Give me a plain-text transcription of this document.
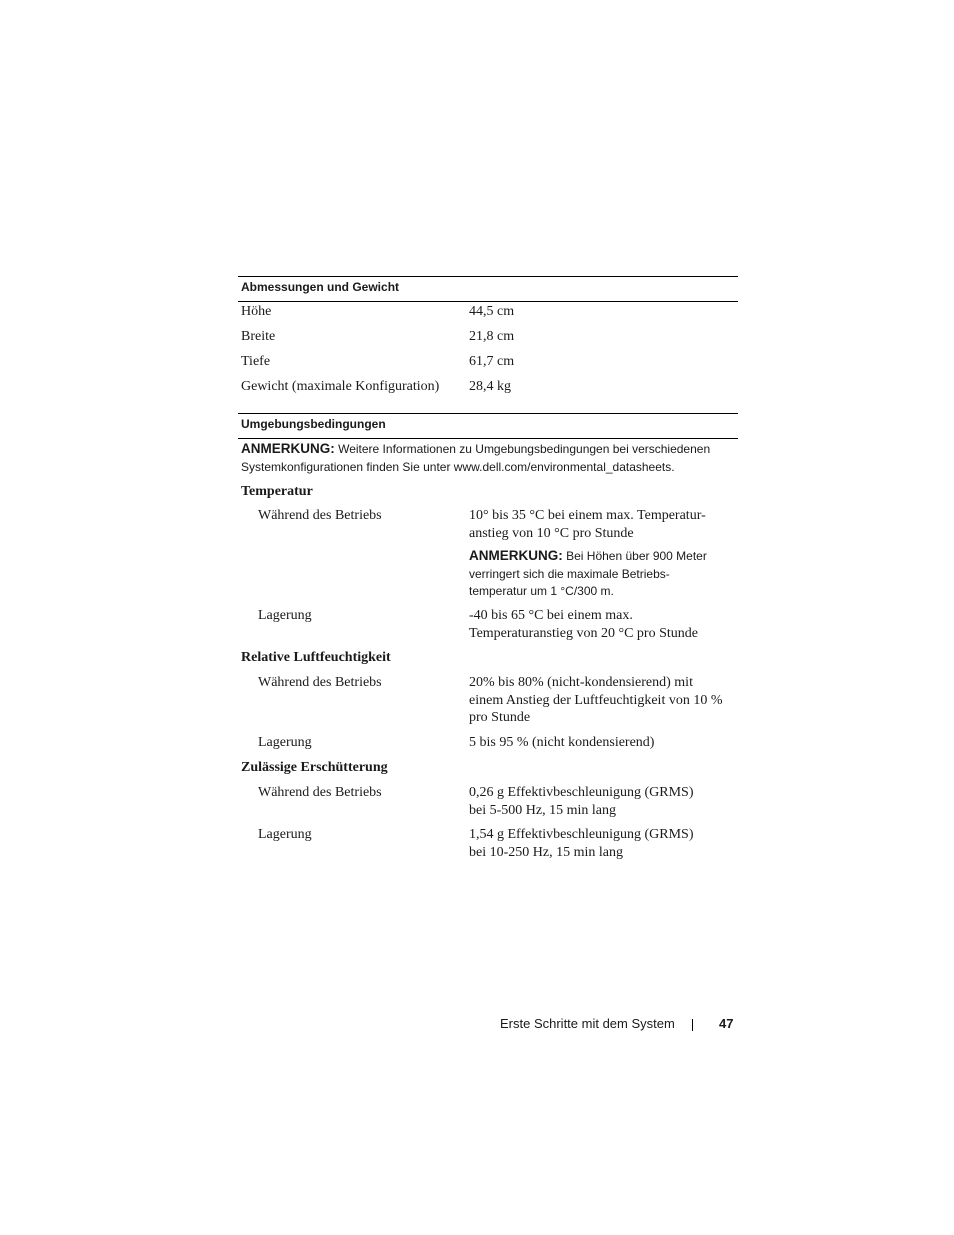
Abmessungen und Gewicht
Höhe	44,5 cm
Breite	21,8 cm
Tiefe	61,7 cm
Gewicht (maximale Konfiguration) 28,4 kg
Umgebungsbedingungen
ANMERKUNG: Weitere Informationen zu Umgebungsbedingungen bei verschiedenen
Systemkonfigurationen finden Sie unter www.dell.com/environmental_datasheets.
Temperatur
Während des Betriebs	10° bis 35 °C bei einem max. Temperatur-
anstieg von 10 °C pro Stunde
ANMERKUNG: Bei Höhen über 900 Meter
verringert sich die maximale Betriebs-
temperatur um 1 °C/300 m.
Lagerung	-40 bis 65 °C bei einem max.
Temperaturanstieg von 20 °C pro Stunde
Relative Luftfeuchtigkeit
Während des Betriebs	20% bis 80% (nicht-kondensierend) mit
einem Anstieg der Luftfeuchtigkeit von 10 %
pro Stunde
Lagerung	5 bis 95 % (nicht kondensierend)
Zulässige Erschütterung
Während des Betriebs	0,26 g Effektivbeschleunigung (GRMS)
bei 5-500 Hz, 15 min lang
Lagerung	1,54 g Effektivbeschleunigung (GRMS)
bei 10-250 Hz, 15 min lang
Erste Schritte mit dem System	47
